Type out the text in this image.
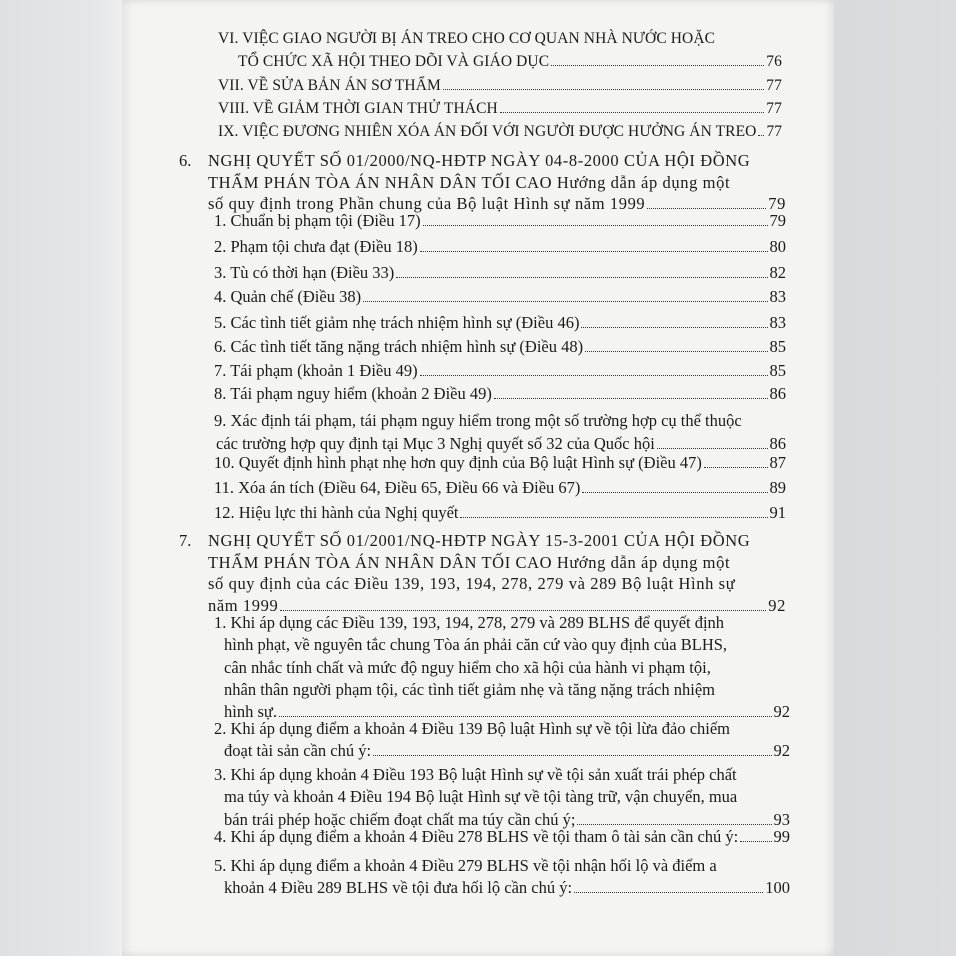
VI. VIỆC GIAO NGƯỜI BỊ ÁN TREO CHO CƠ QUAN NHÀ NƯỚC HOẶC
TỔ CHỨC XÃ HỘI THEO DÕI VÀ GIÁO DỤC	76
VII. VỀ SỬA BẢN ÁN SƠ THẨM	77
VIII. VỀ GIẢM THỜI GIAN THỬ THÁCH	77
IX. VIỆC ĐƯƠNG NHIÊN XÓA ÁN ĐỐI VỚI NGƯỜI ĐƯỢC HƯỞNG ÁN TREO 77
6. NGHỊ QUYẾT SỐ 01/2000/NQ-HĐTP NGÀY 04-8-2000 CỦA HỘI ĐỒNG
THẨM PHÁN TÒA ÁN NHÂN DÂN TỐI CAO Hướng dẫn áp dụng một
số quy định trong Phần chung của Bộ luật Hình sự năm 1999	79
1. Chuẩn bị phạm tội (Điều 17)	79
2. Phạm tội chưa đạt (Điều 18)	80
3. Tù có thời hạn (Điều 33)	82
4. Quản chế (Điều 38)	83
5. Các tình tiết giảm nhẹ trách nhiệm hình sự (Điều 46)	83
6. Các tình tiết tăng nặng trách nhiệm hình sự (Điều 48)	85
7. Tái phạm (khoản 1 Điều 49)	85
8. Tái phạm nguy hiểm (khoản 2 Điều 49)	86
9. Xác định tái phạm, tái phạm nguy hiểm trong một số trường hợp cụ thể thuộc
các trường hợp quy định tại Mục 3 Nghị quyết số 32 của Quốc hội	86
10. Quyết định hình phạt nhẹ hơn quy định của Bộ luật Hình sự (Điều 47)	87
11. Xóa án tích (Điều 64, Điều 65, Điều 66 và Điều 67)	89
12. Hiệu lực thi hành của Nghị quyết	91
7. NGHỊ QUYẾT SỐ 01/2001/NQ-HĐTP NGÀY 15-3-2001 CỦA HỘI ĐỒNG
THẨM PHÁN TÒA ÁN NHÂN DÂN TỐI CAO Hướng dẫn áp dụng một
số quy định của các Điều 139, 193, 194, 278, 279 và 289 Bộ luật Hình sự
năm 1999	92
1. Khi áp dụng các Điều 139, 193, 194, 278, 279 và 289 BLHS để quyết định
hình phạt, về nguyên tắc chung Tòa án phải căn cứ vào quy định của BLHS,
cân nhắc tính chất và mức độ nguy hiểm cho xã hội của hành vi phạm tội,
nhân thân người phạm tội, các tình tiết giảm nhẹ và tăng nặng trách nhiệm
hình sự.	92
2. Khi áp dụng điểm a khoản 4 Điều 139 Bộ luật Hình sự về tội lừa đảo chiếm
đoạt tài sản cần chú ý:	92
3. Khi áp dụng khoản 4 Điều 193 Bộ luật Hình sự về tội sản xuất trái phép chất
ma túy và khoản 4 Điều 194 Bộ luật Hình sự về tội tàng trữ, vận chuyển, mua
bán trái phép hoặc chiếm đoạt chất ma túy cần chú ý;	93
4. Khi áp dụng điểm a khoản 4 Điều 278 BLHS về tội tham ô tài sản cần chú ý: 99
5. Khi áp dụng điểm a khoản 4 Điều 279 BLHS về tội nhận hối lộ và điểm a
khoản 4 Điều 289 BLHS về tội đưa hối lộ cần chú ý:	100
